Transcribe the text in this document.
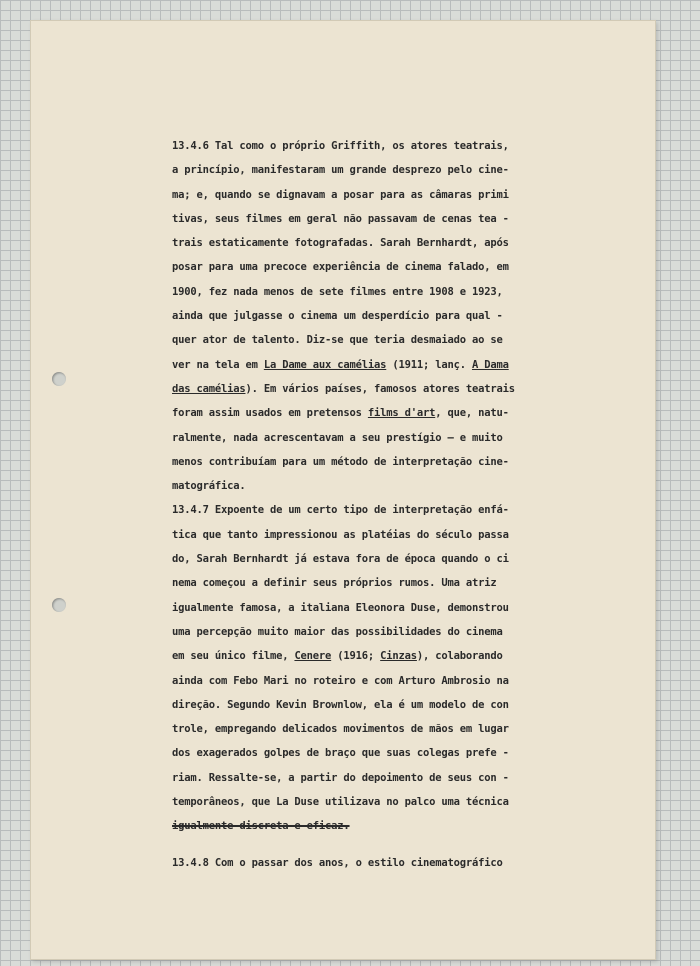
13.4.6 Tal como o próprio Griffith, os atores teatrais,
a princípio, manifestaram um grande desprezo pelo cine-
ma; e, quando se dignavam a posar para as câmaras primi
tivas, seus filmes em geral não passavam de cenas tea -
trais estaticamente fotografadas. Sarah Bernhardt, após
posar para uma precoce experiência de cinema falado, em
1900, fez nada menos de sete filmes entre 1908 e 1923,
ainda que julgasse o cinema um desperdício para qual -
quer ator de talento. Diz-se que teria desmaiado ao se
ver na tela em La Dame aux camélias (1911; lanç. A Dama
das camélias). Em vários países, famosos atores teatrais
foram assim usados em pretensos films d'art, que, natu-
ralmente, nada acrescentavam a seu prestígio — e muito
menos contribuíam para um método de interpretação cine-
matográfica.
13.4.7 Expoente de um certo tipo de interpretação enfá-
tica que tanto impressionou as platéias do século passa
do, Sarah Bernhardt já estava fora de época quando o ci
nema começou a definir seus próprios rumos. Uma atriz
igualmente famosa, a italiana Eleonora Duse, demonstrou
uma percepção muito maior das possibilidades do cinema
em seu único filme, Cenere (1916; Cinzas), colaborando
ainda com Febo Mari no roteiro e com Arturo Ambrosio na
direção. Segundo Kevin Brownlow, ela é um modelo de con
trole, empregando delicados movimentos de mãos em lugar
dos exagerados golpes de braço que suas colegas prefe -
riam. Ressalte-se, a partir do depoimento de seus con -
temporâneos, que La Duse utilizava no palco uma técnica
igualmente discreta e eficaz.
13.4.8 Com o passar dos anos, o estilo cinematográfico
